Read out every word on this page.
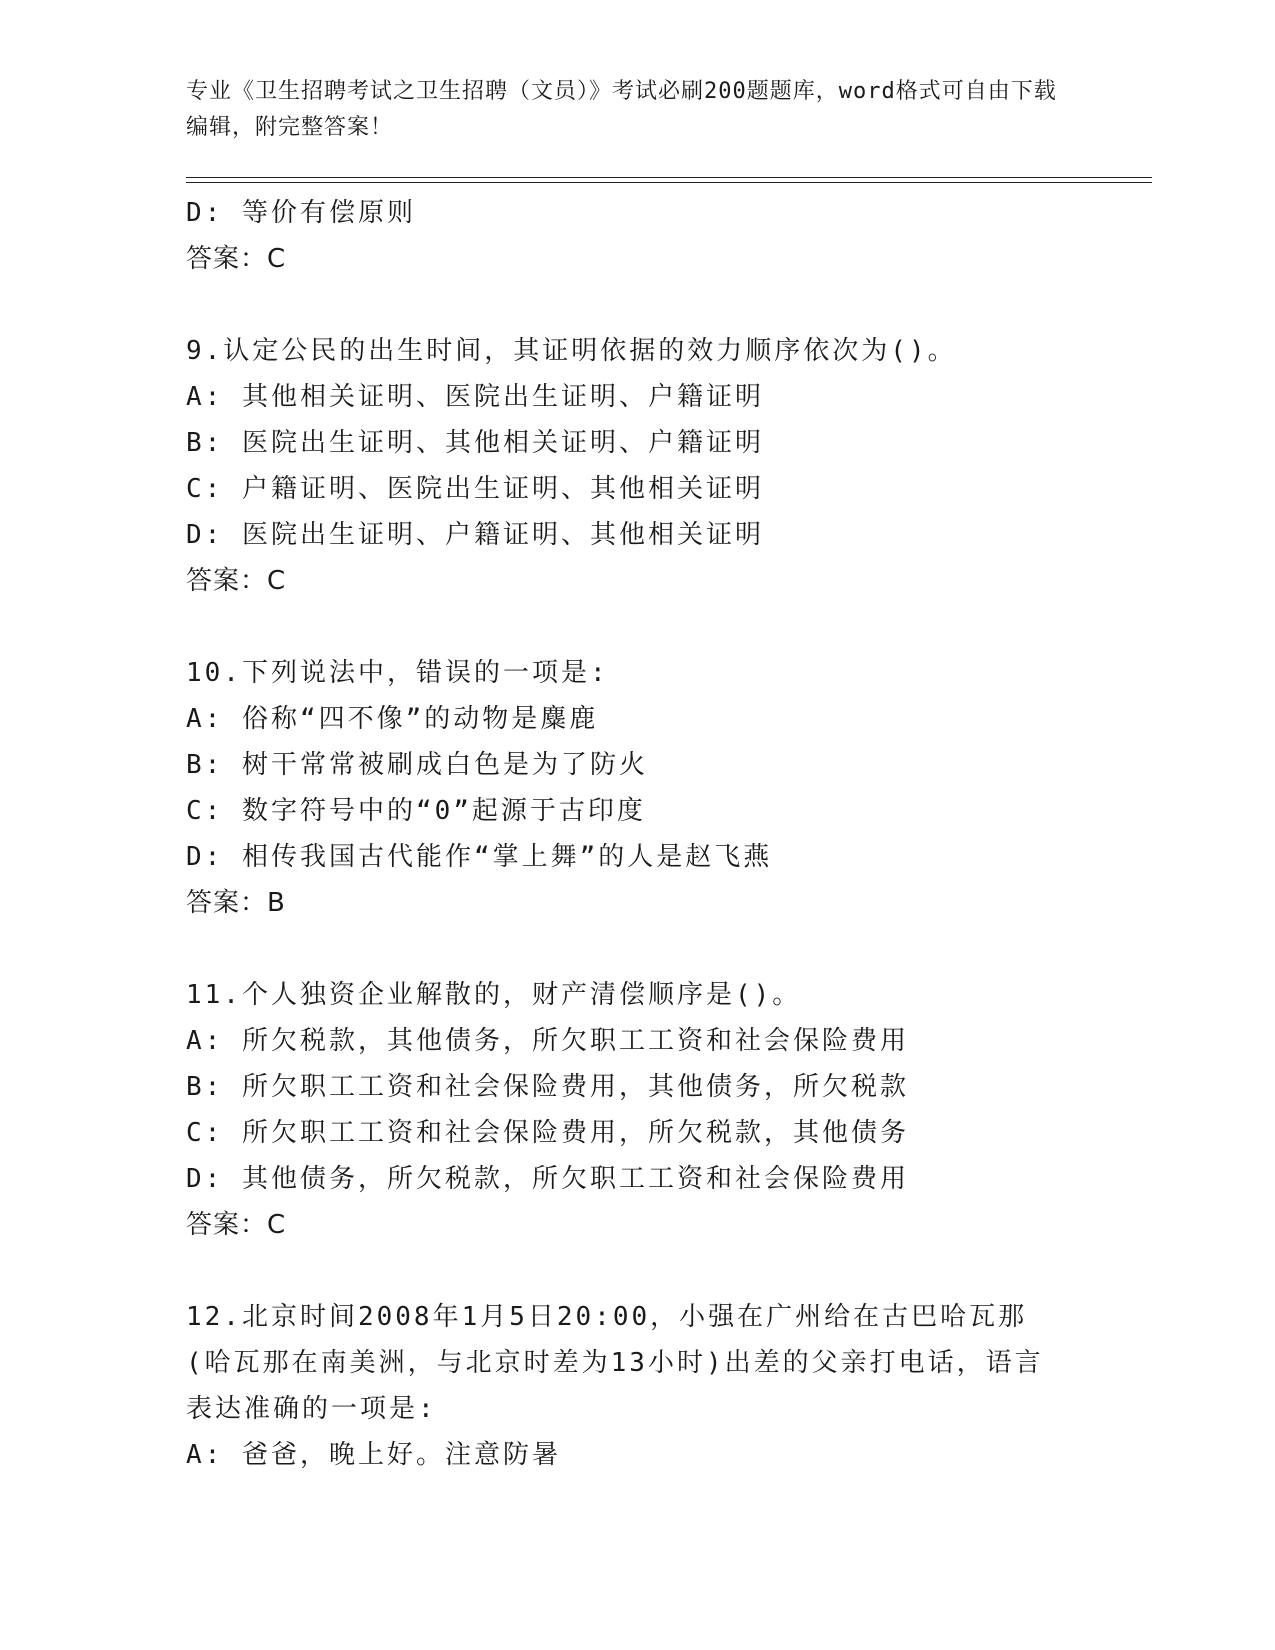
专业《卫生招聘考试之卫生招聘（文员）》考试必刷200题题库，word格式可自由下载编辑，附完整答案！
D: 等价有偿原则
答案：C
9.认定公民的出生时间，其证明依据的效力顺序依次为()。
A: 其他相关证明、医院出生证明、户籍证明
B: 医院出生证明、其他相关证明、户籍证明
C: 户籍证明、医院出生证明、其他相关证明
D: 医院出生证明、户籍证明、其他相关证明
答案：C
10.下列说法中，错误的一项是:
A: 俗称“四不像”的动物是麋鹿
B: 树干常常被刷成白色是为了防火
C: 数字符号中的“0”起源于古印度
D: 相传我国古代能作“掌上舞”的人是赵飞燕
答案：B
11.个人独资企业解散的，财产清偿顺序是()。
A: 所欠税款，其他债务，所欠职工工资和社会保险费用
B: 所欠职工工资和社会保险费用，其他债务，所欠税款
C: 所欠职工工资和社会保险费用，所欠税款，其他债务
D: 其他债务，所欠税款，所欠职工工资和社会保险费用
答案：C
12.北京时间2008年1月5日20:00，小强在广州给在古巴哈瓦那(哈瓦那在南美洲，与北京时差为13小时)出差的父亲打电话，语言表达准确的一项是:
A: 爸爸，晚上好。注意防暑
